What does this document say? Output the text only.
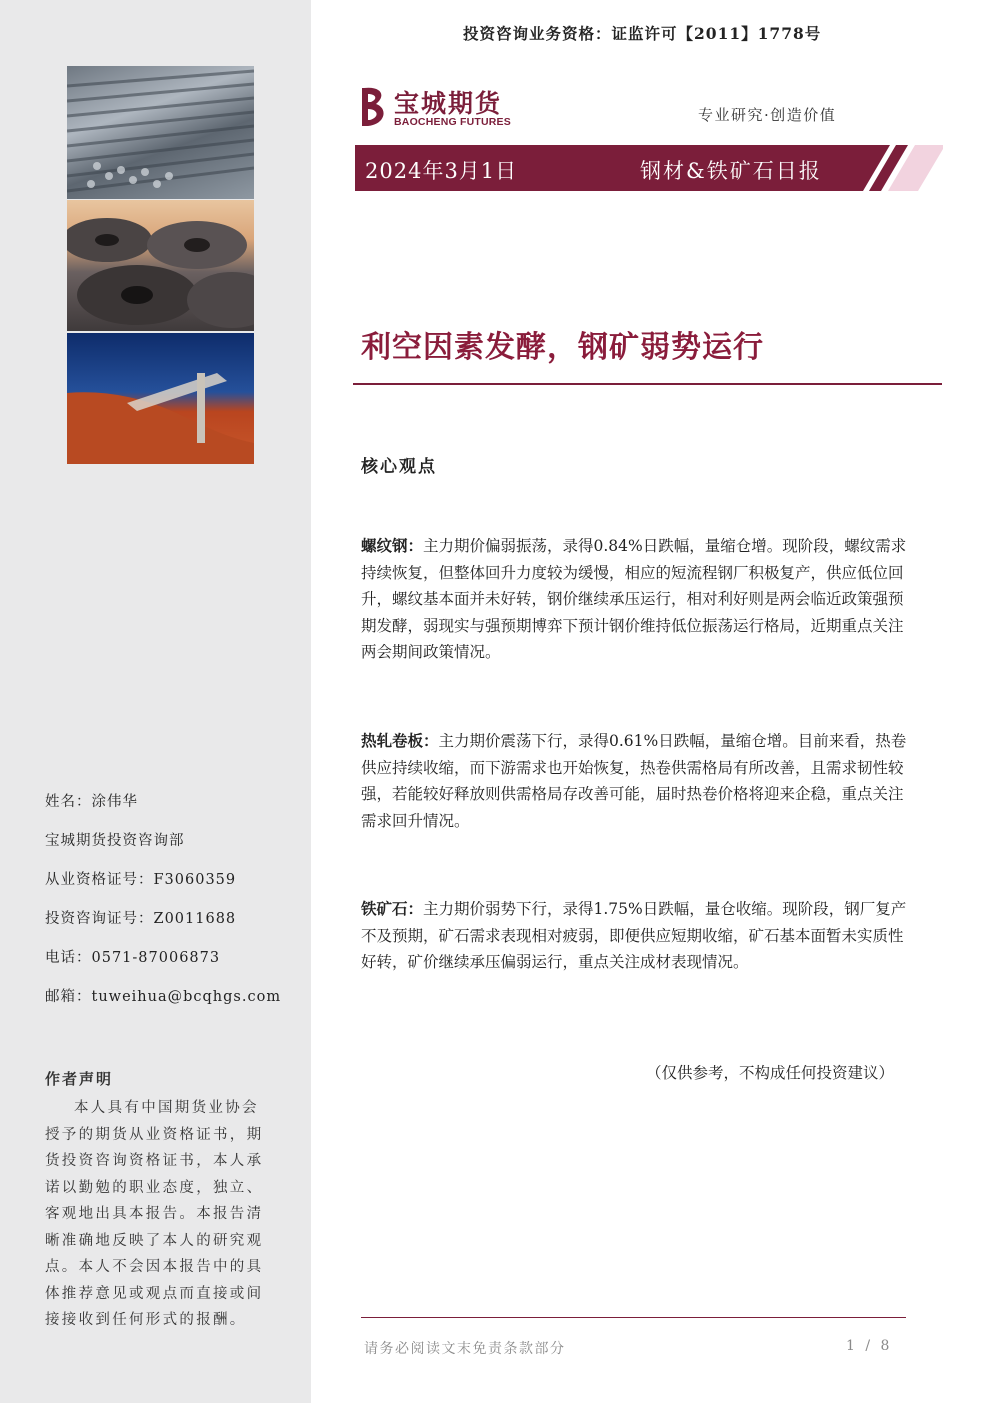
姓名：涂伟华
宝城期货投资咨询部
从业资格证号：F3060359
投资咨询证号：Z0011688
电话：0571-87006873
邮箱：tuweihua@bcqhgs.com
作者声明
本人具有中国期货业协会授予的期货从业资格证书，期货投资咨询资格证书，本人承诺以勤勉的职业态度，独立、客观地出具本报告。本报告清晰准确地反映了本人的研究观点。本人不会因本报告中的具体推荐意见或观点而直接或间接接收到任何形式的报酬。
投资咨询业务资格：证监许可【2011】1778号
宝城期货
BAOCHENG FUTURES	专业研究·创造价值
2024年3月1日	钢材&铁矿石日报
利空因素发酵，钢矿弱势运行
核心观点
螺纹钢：主力期价偏弱振荡，录得0.84%日跌幅，量缩仓增。现阶段，螺纹需求持续恢复，但整体回升力度较为缓慢，相应的短流程钢厂积极复产，供应低位回升，螺纹基本面并未好转，钢价继续承压运行，相对利好则是两会临近政策强预期发酵，弱现实与强预期博弈下预计钢价维持低位振荡运行格局，近期重点关注两会期间政策情况。
热轧卷板：主力期价震荡下行，录得0.61%日跌幅，量缩仓增。目前来看，热卷供应持续收缩，而下游需求也开始恢复，热卷供需格局有所改善，且需求韧性较强，若能较好释放则供需格局存改善可能，届时热卷价格将迎来企稳，重点关注需求回升情况。
铁矿石：主力期价弱势下行，录得1.75%日跌幅，量仓收缩。现阶段，钢厂复产不及预期，矿石需求表现相对疲弱，即便供应短期收缩，矿石基本面暂未实质性好转，矿价继续承压偏弱运行，重点关注成材表现情况。
（仅供参考，不构成任何投资建议）
请务必阅读文末免责条款部分	1 / 8
